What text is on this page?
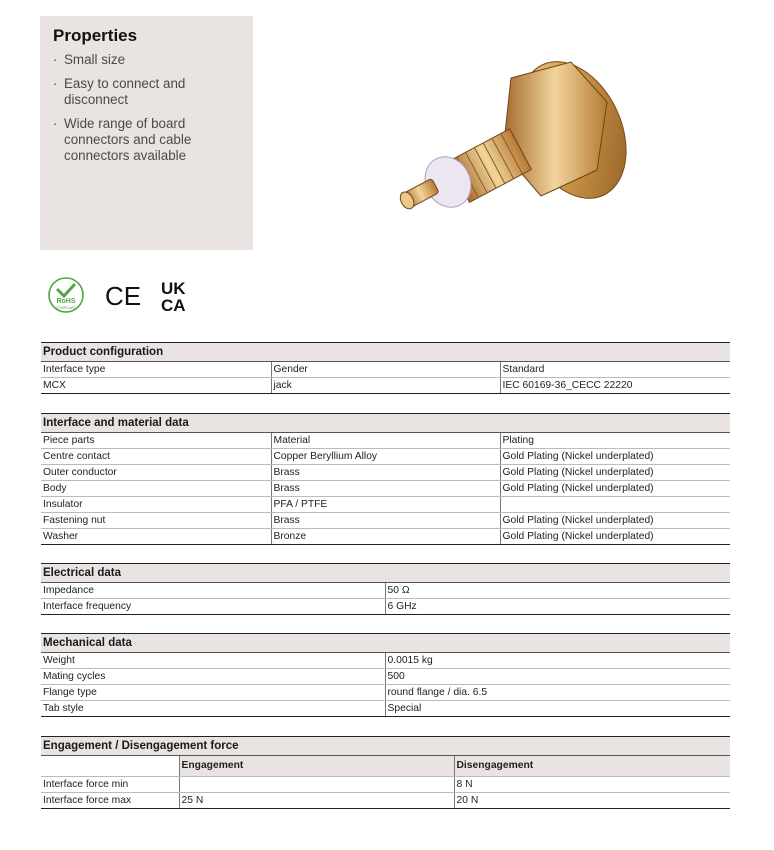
Properties
· Small size
· Easy to connect and disconnect
· Wide range of board connectors and cable connectors available
RoHS
COMPLIANT CE UK
CA
Product configuration
Interface type	Gender	Standard
MCX	jack	IEC 60169-36_CECC 22220
Interface and material data
Piece parts	Material	Plating
Centre contact	Copper Beryllium Alloy	Gold Plating (Nickel underplated)
Outer conductor	Brass	Gold Plating (Nickel underplated)
Body	Brass	Gold Plating (Nickel underplated)
Insulator	PFA / PTFE	
Fastening nut	Brass	Gold Plating (Nickel underplated)
Washer	Bronze	Gold Plating (Nickel underplated)
Electrical data
Impedance	50 Ω
Interface frequency	6 GHz
Mechanical data
Weight	0.0015 kg
Mating cycles	500
Flange type	round flange / dia. 6.5
Tab style	Special
Engagement / Disengagement force
	Engagement	Disengagement
Interface force min		8 N
Interface force max	25 N	20 N
